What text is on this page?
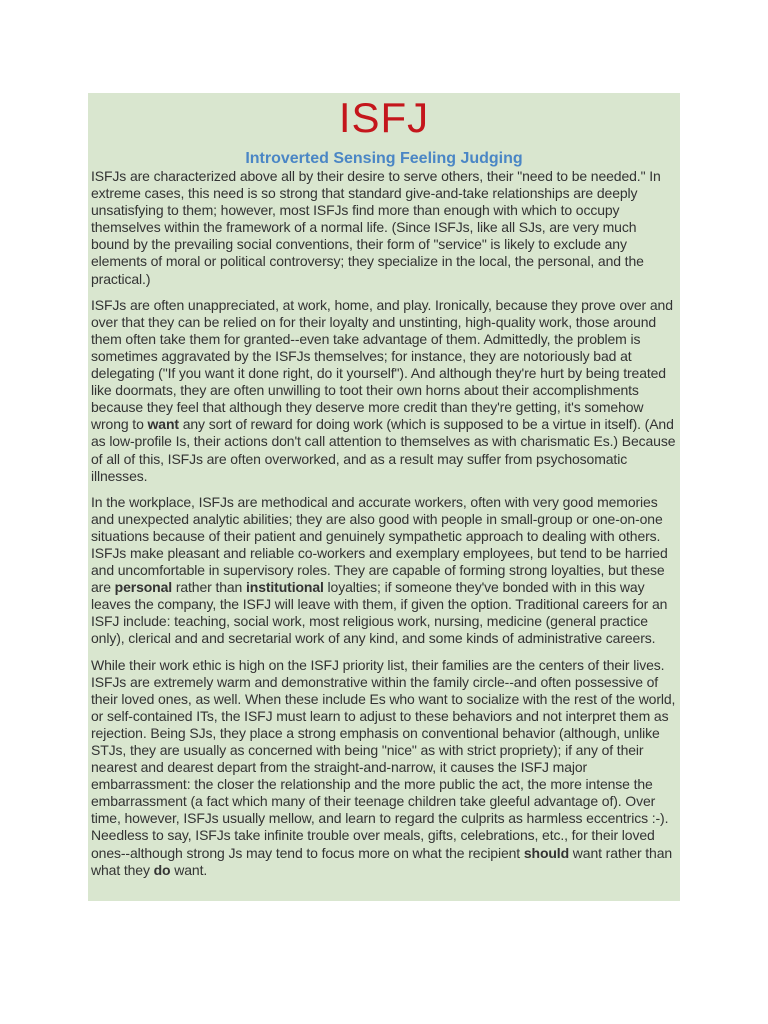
ISFJ
Introverted Sensing Feeling Judging

ISFJs are characterized above all by their desire to serve others, their "need to be needed." In extreme cases, this need is so strong that standard give-and-take relationships are deeply unsatisfying to them; however, most ISFJs find more than enough with which to occupy themselves within the framework of a normal life. (Since ISFJs, like all SJs, are very much bound by the prevailing social conventions, their form of "service" is likely to exclude any elements of moral or political controversy; they specialize in the local, the personal, and the practical.)

ISFJs are often unappreciated, at work, home, and play. Ironically, because they prove over and over that they can be relied on for their loyalty and unstinting, high-quality work, those around them often take them for granted--even take advantage of them. Admittedly, the problem is sometimes aggravated by the ISFJs themselves; for instance, they are notoriously bad at delegating ("If you want it done right, do it yourself"). And although they're hurt by being treated like doormats, they are often unwilling to toot their own horns about their accomplishments because they feel that although they deserve more credit than they're getting, it's somehow wrong to want any sort of reward for doing work (which is supposed to be a virtue in itself). (And as low-profile Is, their actions don't call attention to themselves as with charismatic Es.) Because of all of this, ISFJs are often overworked, and as a result may suffer from psychosomatic illnesses.

In the workplace, ISFJs are methodical and accurate workers, often with very good memories and unexpected analytic abilities; they are also good with people in small-group or one-on-one situations because of their patient and genuinely sympathetic approach to dealing with others. ISFJs make pleasant and reliable co-workers and exemplary employees, but tend to be harried and uncomfortable in supervisory roles. They are capable of forming strong loyalties, but these are personal rather than institutional loyalties; if someone they've bonded with in this way leaves the company, the ISFJ will leave with them, if given the option. Traditional careers for an ISFJ include: teaching, social work, most religious work, nursing, medicine (general practice only), clerical and and secretarial work of any kind, and some kinds of administrative careers.

While their work ethic is high on the ISFJ priority list, their families are the centers of their lives. ISFJs are extremely warm and demonstrative within the family circle--and often possessive of their loved ones, as well. When these include Es who want to socialize with the rest of the world, or self-contained ITs, the ISFJ must learn to adjust to these behaviors and not interpret them as rejection. Being SJs, they place a strong emphasis on conventional behavior (although, unlike STJs, they are usually as concerned with being "nice" as with strict propriety); if any of their nearest and dearest depart from the straight-and-narrow, it causes the ISFJ major embarrassment: the closer the relationship and the more public the act, the more intense the embarrassment (a fact which many of their teenage children take gleeful advantage of). Over time, however, ISFJs usually mellow, and learn to regard the culprits as harmless eccentrics :-). Needless to say, ISFJs take infinite trouble over meals, gifts, celebrations, etc., for their loved ones--although strong Js may tend to focus more on what the recipient should want rather than what they do want.
